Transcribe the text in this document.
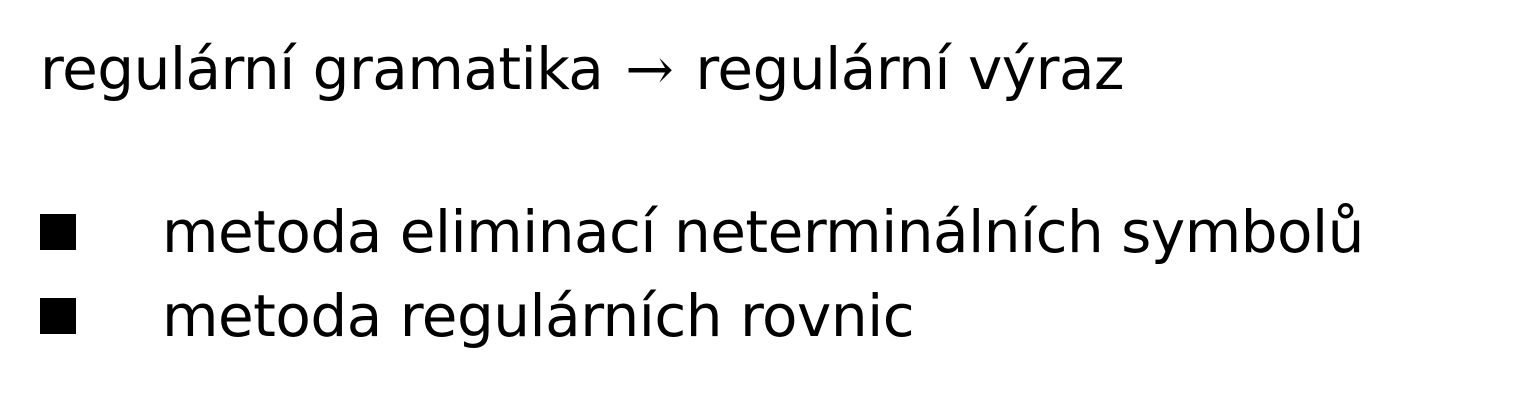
regulární gramatika → regulární výraz
metoda eliminací neterminálních symbolů
metoda regulárních rovnic
